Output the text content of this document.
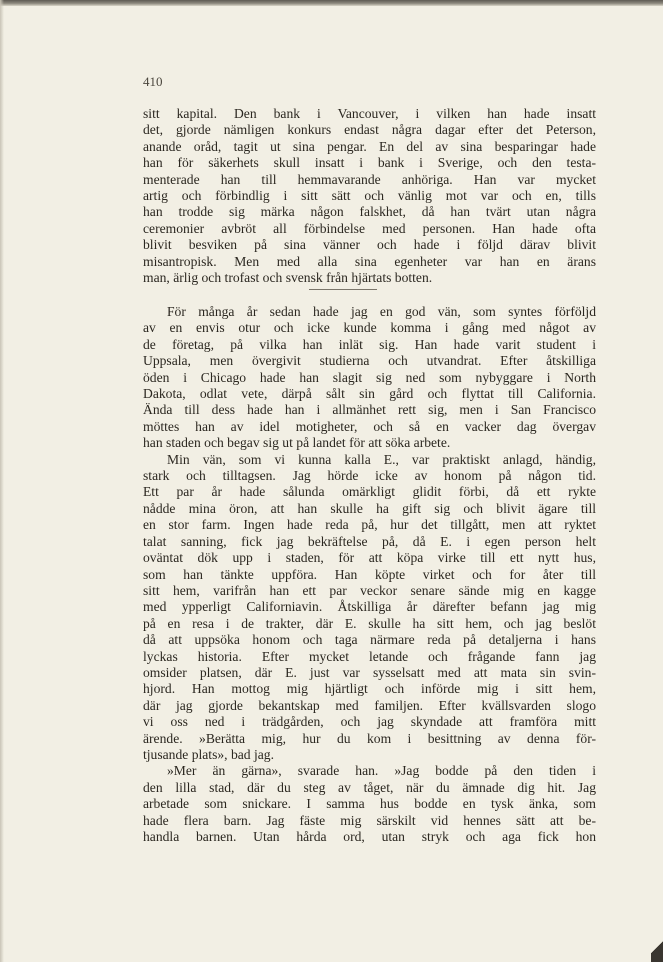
410
sitt kapital. Den bank i Vancouver, i vilken han hade insatt
det, gjorde nämligen konkurs endast några dagar efter det Peterson,
anande oråd, tagit ut sina pengar. En del av sina besparingar hade
han för säkerhets skull insatt i bank i Sverige, och den testa-
menterade han till hemmavarande anhöriga. Han var mycket
artig och förbindlig i sitt sätt och vänlig mot var och en, tills
han trodde sig märka någon falskhet, då han tvärt utan några
ceremonier avbröt all förbindelse med personen. Han hade ofta
blivit besviken på sina vänner och hade i följd därav blivit
misantropisk. Men med alla sina egenheter var han en ärans
man, ärlig och trofast och svensk från hjärtats botten.
För många år sedan hade jag en god vän, som syntes förföljd
av en envis otur och icke kunde komma i gång med något av
de företag, på vilka han inlät sig. Han hade varit student i
Uppsala, men övergivit studierna och utvandrat. Efter åtskilliga
öden i Chicago hade han slagit sig ned som nybyggare i North
Dakota, odlat vete, därpå sålt sin gård och flyttat till California.
Ända till dess hade han i allmänhet rett sig, men i San Francisco
möttes han av idel motigheter, och så en vacker dag övergav
han staden och begav sig ut på landet för att söka arbete.
Min vän, som vi kunna kalla E., var praktiskt anlagd, händig,
stark och tilltagsen. Jag hörde icke av honom på någon tid.
Ett par år hade sålunda omärkligt glidit förbi, då ett rykte
nådde mina öron, att han skulle ha gift sig och blivit ägare till
en stor farm. Ingen hade reda på, hur det tillgått, men att ryktet
talat sanning, fick jag bekräftelse på, då E. i egen person helt
oväntat dök upp i staden, för att köpa virke till ett nytt hus,
som han tänkte uppföra. Han köpte virket och for åter till
sitt hem, varifrån han ett par veckor senare sände mig en kagge
med ypperligt Californiavin. Åtskilliga år därefter befann jag mig
på en resa i de trakter, där E. skulle ha sitt hem, och jag beslöt
då att uppsöka honom och taga närmare reda på detaljerna i hans
lyckas historia. Efter mycket letande och frågande fann jag
omsider platsen, där E. just var sysselsatt med att mata sin svin-
hjord. Han mottog mig hjärtligt och införde mig i sitt hem,
där jag gjorde bekantskap med familjen. Efter kvällsvarden slogo
vi oss ned i trädgården, och jag skyndade att framföra mitt
ärende. »Berätta mig, hur du kom i besittning av denna för-
tjusande plats», bad jag.
»Mer än gärna», svarade han. »Jag bodde på den tiden i
den lilla stad, där du steg av tåget, när du ämnade dig hit. Jag
arbetade som snickare. I samma hus bodde en tysk änka, som
hade flera barn. Jag fäste mig särskilt vid hennes sätt att be-
handla barnen. Utan hårda ord, utan stryk och aga fick hon
